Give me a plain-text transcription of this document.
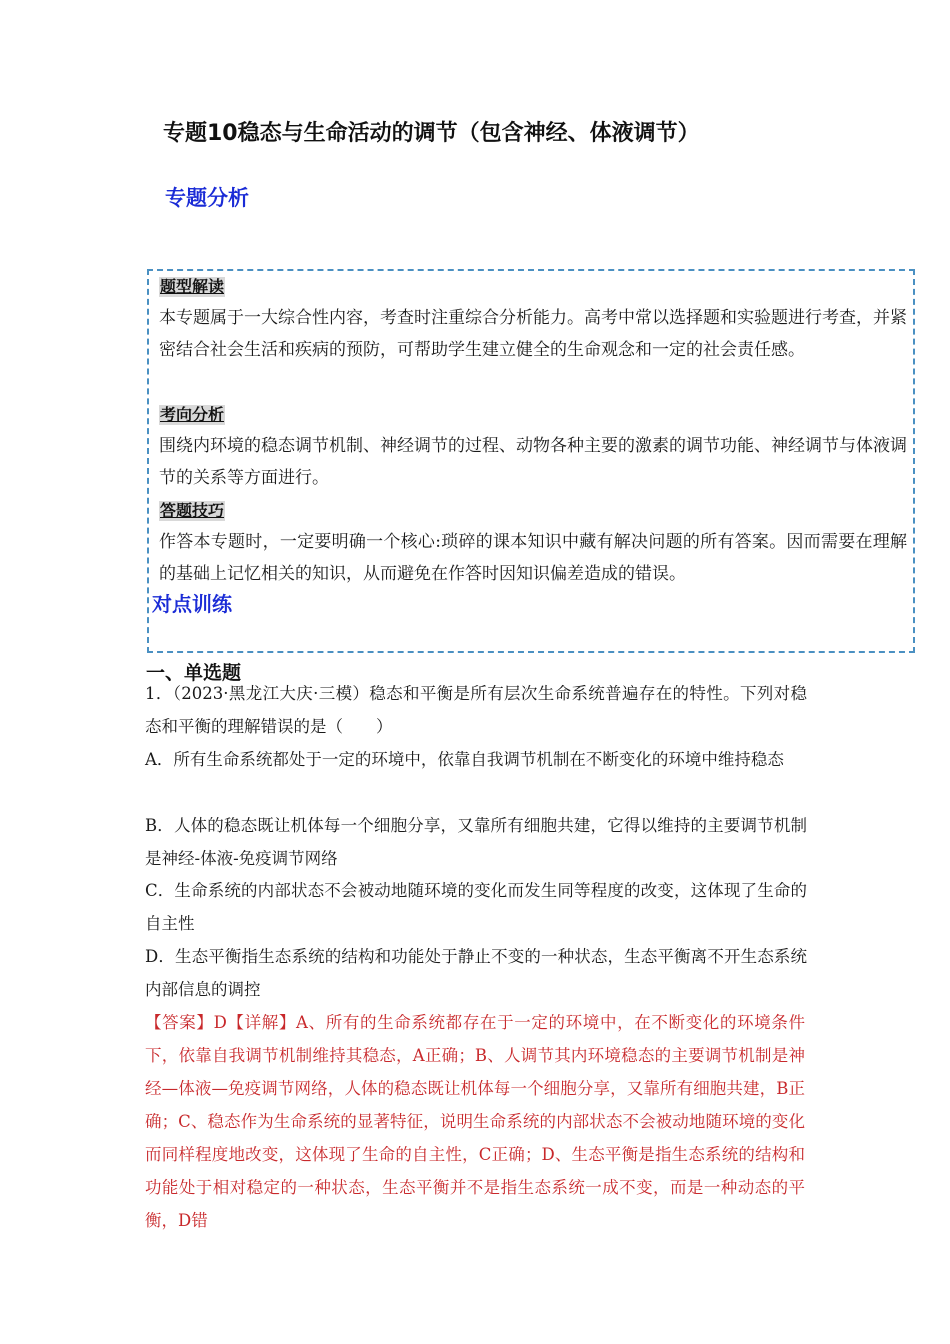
专题10稳态与生命活动的调节（包含神经、体液调节）
专题分析
题型解读
本专题属于一大综合性内容，考查时注重综合分析能力。高考中常以选择题和实验题进行考查，并紧密结合社会生活和疾病的预防，可帮助学生建立健全的生命观念和一定的社会责任感。
考向分析
围绕内环境的稳态调节机制、神经调节的过程、动物各种主要的激素的调节功能、神经调节与体液调节的关系等方面进行。
答题技巧
作答本专题时，一定要明确一个核心:琐碎的课本知识中藏有解决问题的所有答案。因而需要在理解的基础上记忆相关的知识，从而避免在作答时因知识偏差造成的错误。
对点训练
一、单选题
1．（2023·黑龙江大庆·三模）稳态和平衡是所有层次生命系统普遍存在的特性。下列对稳态和平衡的理解错误的是（　　）
A．所有生命系统都处于一定的环境中，依靠自我调节机制在不断变化的环境中维持稳态
B．人体的稳态既让机体每一个细胞分享，又靠所有细胞共建，它得以维持的主要调节机制是神经-体液-免疫调节网络
C．生命系统的内部状态不会被动地随环境的变化而发生同等程度的改变，这体现了生命的自主性
D．生态平衡指生态系统的结构和功能处于静止不变的一种状态，生态平衡离不开生态系统内部信息的调控
【答案】D【详解】A、所有的生命系统都存在于一定的环境中，在不断变化的环境条件下，依靠自我调节机制维持其稳态，A正确；B、人调节其内环境稳态的主要调节机制是神经—体液—免疫调节网络，人体的稳态既让机体每一个细胞分享，又靠所有细胞共建，B正确；C、稳态作为生命系统的显著特征，说明生命系统的内部状态不会被动地随环境的变化而同样程度地改变，这体现了生命的自主性，C正确；D、生态平衡是指生态系统的结构和功能处于相对稳定的一种状态，生态平衡并不是指生态系统一成不变，而是一种动态的平衡，D错
